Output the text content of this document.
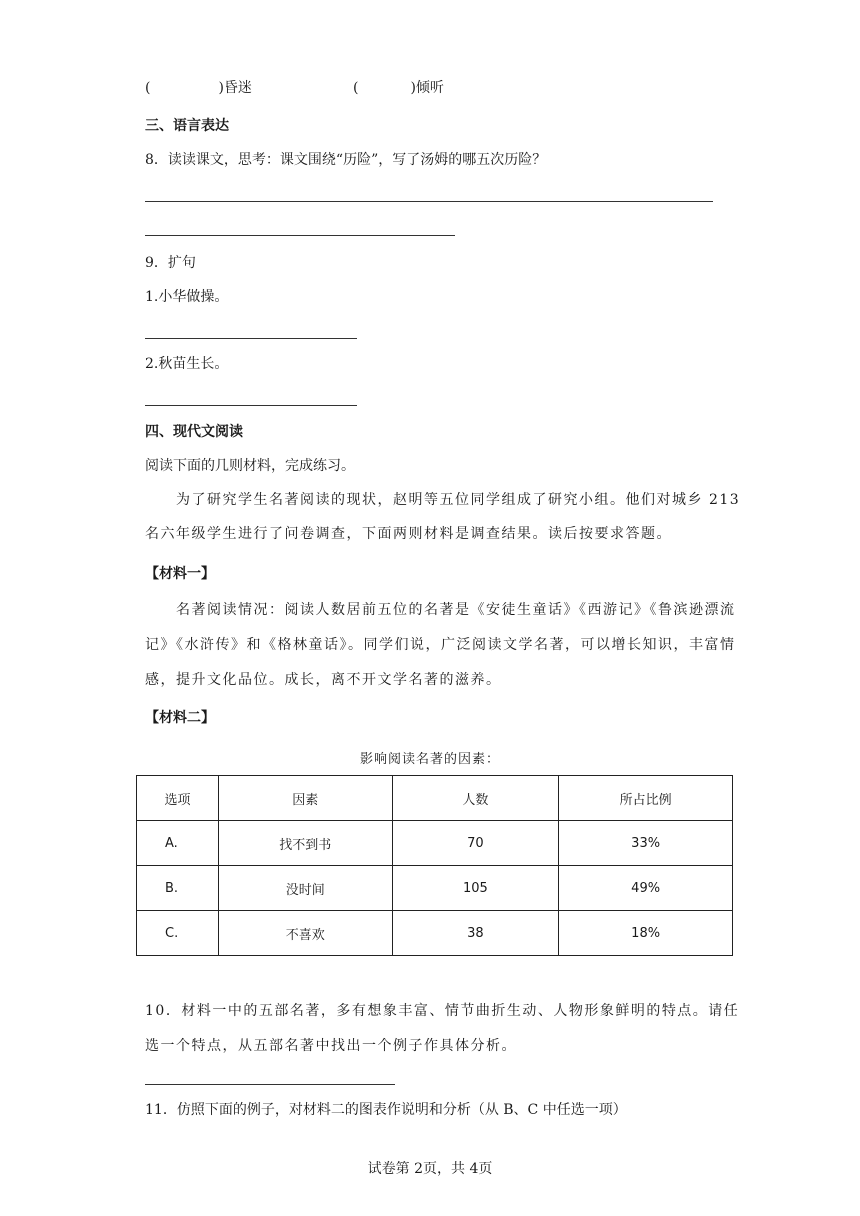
(	)昏迷	(	)倾听
三、语言表达
8．读读课文，思考：课文围绕“历险”，写了汤姆的哪五次历险？
9．扩句
1.小华做操。
2.秋苗生长。
四、现代文阅读
阅读下面的几则材料，完成练习。
为了研究学生名著阅读的现状，赵明等五位同学组成了研究小组。他们对城乡 213
名六年级学生进行了问卷调查，下面两则材料是调查结果。读后按要求答题。
【材料一】
名著阅读情况：阅读人数居前五位的名著是《安徒生童话》《西游记》《鲁滨逊漂流
记》《水浒传》和《格林童话》。同学们说，广泛阅读文学名著，可以增长知识，丰富情
感，提升文化品位。成长，离不开文学名著的滋养。
【材料二】
影响阅读名著的因素：
选项	因素	人数	所占比例
A.	找不到书	70	33%
B.	没时间	105	49%
C.	不喜欢	38	18%
10．材料一中的五部名著，多有想象丰富、情节曲折生动、人物形象鲜明的特点。请任
选一个特点，从五部名著中找出一个例子作具体分析。
11．仿照下面的例子，对材料二的图表作说明和分析（从 B、C 中任选一项）
试卷第 2页，共 4页
